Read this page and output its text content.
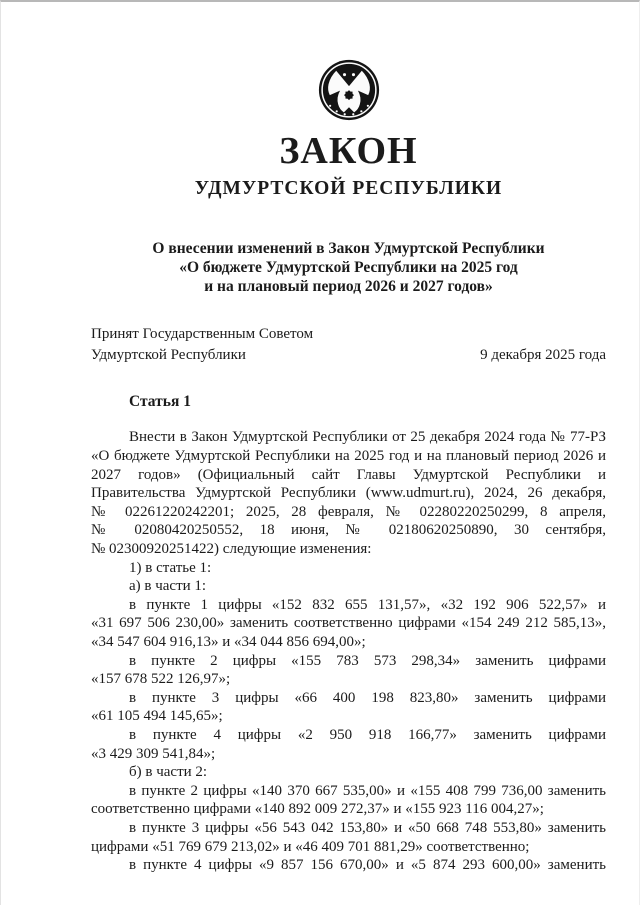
ЗАКОН
УДМУРТСКОЙ РЕСПУБЛИКИ
О внесении изменений в Закон Удмуртской Республики
«О бюджете Удмуртской Республики на 2025 год
и на плановый период 2026 и 2027 годов»
Принят Государственным Советом
Удмуртской Республики	9 декабря 2025 года
Статья 1

Внести в Закон Удмуртской Республики от 25 декабря 2024 года № 77-РЗ «О бюджете Удмуртской Республики на 2025 год и на плановый период 2026 и 2027 годов» (Официальный сайт Главы Удмуртской Республики и Правительства Удмуртской Республики (www.udmurt.ru), 2024, 26 декабря, № 02261220242201; 2025, 28 февраля, № 02280220250299, 8 апреля, № 02080420250552, 18 июня, № 02180620250890, 30 сентября, № 02300920251422) следующие изменения:

1) в статье 1:

а) в части 1:

в пункте 1 цифры «152 832 655 131,57», «32 192 906 522,57» и «31 697 506 230,00» заменить соответственно цифрами «154 249 212 585,13», «34 547 604 916,13» и «34 044 856 694,00»;

в пункте 2 цифры «155 783 573 298,34» заменить цифрами «157 678 522 126,97»;

в пункте 3 цифры «66 400 198 823,80» заменить цифрами «61 105 494 145,65»;

в пункте 4 цифры «2 950 918 166,77» заменить цифрами «3 429 309 541,84»;

б) в части 2:

в пункте 2 цифры «140 370 667 535,00» и «155 408 799 736,00 заменить соответственно цифрами «140 892 009 272,37» и «155 923 116 004,27»;

в пункте 3 цифры «56 543 042 153,80» и «50 668 748 553,80» заменить цифрами «51 769 679 213,02» и «46 409 701 881,29» соответственно;

в пункте 4 цифры «9 857 156 670,00» и «5 874 293 600,00» заменить
